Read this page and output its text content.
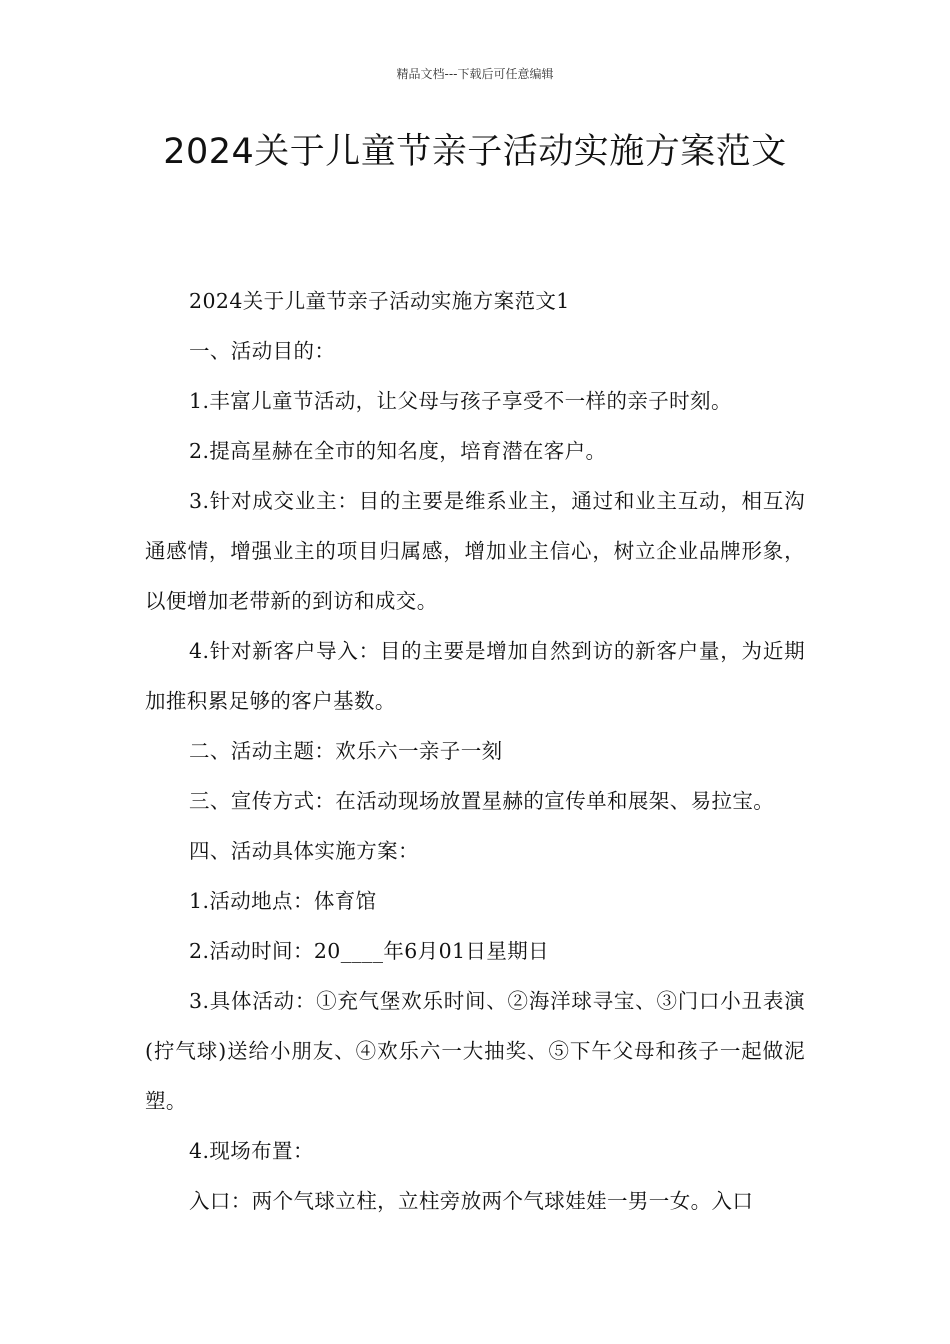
精品文档---下载后可任意编辑
2024关于儿童节亲子活动实施方案范文

2024关于儿童节亲子活动实施方案范文1

一、活动目的：

1.丰富儿童节活动，让父母与孩子享受不一样的亲子时刻。

2.提高星赫在全市的知名度，培育潜在客户。

3.针对成交业主：目的主要是维系业主，通过和业主互动，相互沟通感情，增强业主的项目归属感，增加业主信心，树立企业品牌形象，以便增加老带新的到访和成交。

4.针对新客户导入：目的主要是增加自然到访的新客户量，为近期加推积累足够的客户基数。

二、活动主题：欢乐六一亲子一刻

三、宣传方式：在活动现场放置星赫的宣传单和展架、易拉宝。

四、活动具体实施方案：

1.活动地点：体育馆

2.活动时间：20____年6月01日星期日

3.具体活动：①充气堡欢乐时间、②海洋球寻宝、③门口小丑表演(拧气球)送给小朋友、④欢乐六一大抽奖、⑤下午父母和孩子一起做泥塑。

4.现场布置：

入口：两个气球立柱，立柱旁放两个气球娃娃一男一女。入口
